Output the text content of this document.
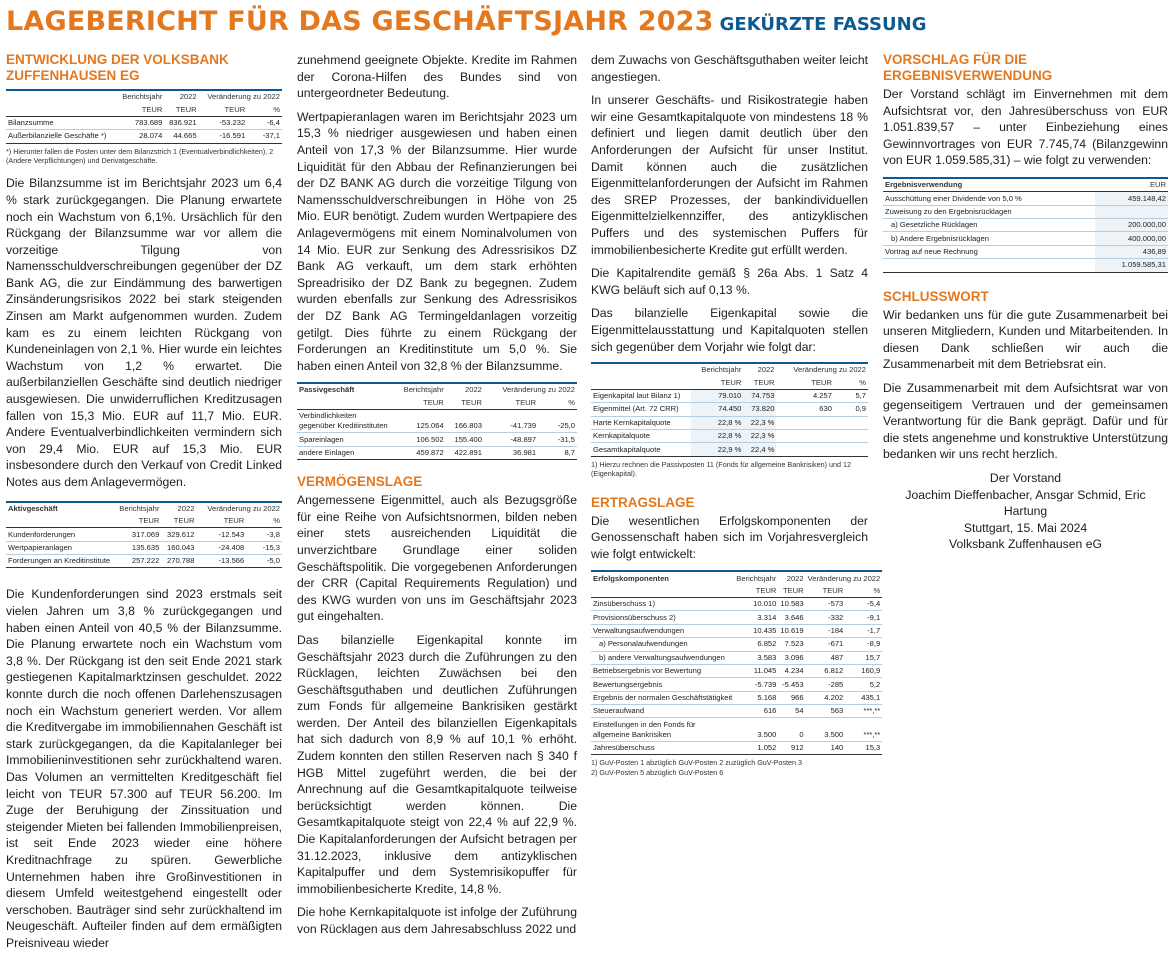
LAGEBERICHT FÜR DAS GESCHÄFTSJAHR 2023 GEKÜRZTE FASSUNG
ENTWICKLUNG DER VOLKSBANK ZUFFENHAUSEN EG
	Berichtsjahr	2022	Veränderung zu 2022	
	TEUR	TEUR	TEUR	%
Bilanzsumme	783.689	836.921	-53.232	-6,4
Außerbilanzielle Geschäfte *)	28.074	44.665	-16.591	-37,1
*) Hierunter fallen die Posten unter dem Bilanzstrich 1 (Eventualverbindlichkeiten), 2 (Andere Verpflichtungen) und Derivatgeschäfte.

Die Bilanzsumme ist im Berichtsjahr 2023 um 6,4 % stark zurückgegangen. Die Planung erwartete noch ein Wachstum von 6,1%. Ursächlich für den Rückgang der Bilanzsumme war vor allem die vorzeitige Tilgung von Namensschuldverschreibungen gegenüber der DZ Bank AG, die zur Eindämmung des barwertigen Zinsänderungsrisikos 2022 bei stark steigenden Zinsen am Markt aufgenommen wurden. Zudem kam es zu einem leichten Rückgang von Kundeneinlagen von 2,1 %. Hier wurde ein leichtes Wachstum von 1,2 % erwartet. Die außerbilanziellen Geschäfte sind deutlich niedriger ausgewiesen. Die unwiderruflichen Kreditzusagen fallen von 15,3 Mio. EUR auf 11,7 Mio. EUR. Andere Eventualverbindlichkeiten vermindern sich von 29,4 Mio. EUR auf 15,3 Mio. EUR insbesondere durch den Verkauf von Credit Linked Notes aus dem Anlagevermögen.

Aktivgeschäft	Berichtsjahr	2022	Veränderung zu 2022	
	TEUR	TEUR	TEUR	%
Kundenforderungen	317.069	329.612	-12.543	-3,8
Wertpapieranlagen	135.635	160.043	-24.408	-15,3
Forderungen an Kreditinstitute	257.222	270.788	-13.566	-5,0

Die Kundenforderungen sind 2023 erstmals seit vielen Jahren um 3,8 % zurückgegangen und haben einen Anteil von 40,5 % der Bilanzsumme. Die Planung erwartete noch ein Wachstum vom 3,8 %. Der Rückgang ist den seit Ende 2021 stark gestiegenen Kapitalmarktzinsen geschuldet. 2022 konnte durch die noch offenen Darlehenszusagen noch ein Wachstum generiert werden. Vor allem die Kreditvergabe im immobiliennahen Geschäft ist stark zurückgegangen, da die Kapitalanleger bei Immobilieninvestitionen sehr zurückhaltend waren. Das Volumen an vermittelten Kreditgeschäft fiel leicht von TEUR 57.300 auf TEUR 56.200. Im Zuge der Beruhigung der Zinssituation und steigender Mieten bei fallenden Immobilienpreisen, ist seit Ende 2023 wieder eine höhere Kreditnachfrage zu spüren. Gewerbliche Unternehmen haben ihre Großinvestitionen in diesem Umfeld weitestgehend eingestellt oder verschoben. Bauträger sind sehr zurückhaltend im Neugeschäft. Aufteiler finden auf dem ermäßigten Preisniveau wieder

zunehmend geeignete Objekte. Kredite im Rahmen der Corona-Hilfen des Bundes sind von untergeordneter Bedeutung.

Wertpapieranlagen waren im Berichtsjahr 2023 um 15,3 % niedriger ausgewiesen und haben einen Anteil von 17,3 % der Bilanzsumme. Hier wurde Liquidität für den Abbau der Refinanzierungen bei der DZ BANK AG durch die vorzeitige Tilgung von Namensschuldverschreibungen in Höhe von 25 Mio. EUR benötigt. Zudem wurden Wertpapiere des Anlagevermögens mit einem Nominalvolumen von 14 Mio. EUR zur Senkung des Adressrisikos DZ Bank AG verkauft, um dem stark erhöhten Spreadrisiko der DZ Bank zu begegnen. Zudem wurden ebenfalls zur Senkung des Adressrisikos der DZ Bank AG Termingeldanlagen vorzeitig getilgt. Dies führte zu einem Rückgang der Forderungen an Kreditinstitute um 5,0 %. Sie haben einen Anteil von 32,8 % der Bilanzsumme.

Passivgeschäft	Berichtsjahr	2022	Veränderung zu 2022	
	TEUR	TEUR	TEUR	%
Verbindlichkeiten gegenüber Kreditinstituten	125.064	166.803	-41.739	-25,0
Spareinlagen	106.502	155.400	-48.897	-31,5
andere Einlagen	459.872	422.891	36.981	8,7
VERMÖGENSLAGE

Angemessene Eigenmittel, auch als Bezugsgröße für eine Reihe von Aufsichtsnormen, bilden neben einer stets ausreichenden Liquidität die unverzichtbare Grundlage einer soliden Geschäftspolitik. Die vorgegebenen Anforderungen der CRR (Capital Requirements Regulation) und des KWG wurden von uns im Geschäftsjahr 2023 gut eingehalten.

Das bilanzielle Eigenkapital konnte im Geschäftsjahr 2023 durch die Zuführungen zu den Rücklagen, leichten Zuwächsen bei den Geschäftsguthaben und deutlichen Zuführungen zum Fonds für allgemeine Bankrisiken gestärkt werden. Der Anteil des bilanziellen Eigenkapitals hat sich dadurch von 8,9 % auf 10,1 % erhöht. Zudem konnten den stillen Reserven nach § 340 f HGB Mittel zugeführt werden, die bei der Anrechnung auf die Gesamtkapitalquote teilweise berücksichtigt werden können. Die Gesamtkapitalquote steigt von 22,4 % auf 22,9 %. Die Kapitalanforderungen der Aufsicht betragen per 31.12.2023, inklusive dem antizyklischen Kapitalpuffer und dem Systemrisikopuffer für immobilienbesicherte Kredite, 14,8 %.

Die hohe Kernkapitalquote ist infolge der Zuführung von Rücklagen aus dem Jahresabschluss 2022 und

dem Zuwachs von Geschäftsguthaben weiter leicht angestiegen.

In unserer Geschäfts- und Risikostrategie haben wir eine Gesamtkapitalquote von mindestens 18 % definiert und liegen damit deutlich über den Anforderungen der Aufsicht für unser Institut. Damit können auch die zusätzlichen Eigenmittelanforderungen der Aufsicht im Rahmen des SREP Prozesses, der bankindividuellen Eigenmittelzielkennziffer, des antizyklischen Puffers und des systemischen Puffers für immobilienbesicherte Kredite gut erfüllt werden.

Die Kapitalrendite gemäß § 26a Abs. 1 Satz 4 KWG beläuft sich auf 0,13 %.

Das bilanzielle Eigenkapital sowie die Eigenmittelausstattung und Kapitalquoten stellen sich gegenüber dem Vorjahr wie folgt dar:

	Berichtsjahr	2022	Veränderung zu 2022	
	TEUR	TEUR	TEUR	%
Eigenkapital laut Bilanz 1)	79.010	74.753	4.257	5,7
Eigenmittel (Art. 72 CRR)	74.450	73.820	630	0,9
Harte Kernkapitalquote	22,8 %	22,3 %		
Kernkapitalquote	22,8 %	22,3 %		
Gesamtkapitalquote	22,9 %	22,4 %		
1) Hierzu rechnen die Passivposten 11 (Fonds für allgemeine Bankrisiken) und 12 (Eigenkapital).
ERTRAGSLAGE

Die wesentlichen Erfolgskomponenten der Genossenschaft haben sich im Vorjahresvergleich wie folgt entwickelt:

Erfolgskomponenten	Berichtsjahr	2022	Veränderung zu 2022	
	TEUR	TEUR	TEUR	%
Zinsüberschuss 1)	10.010	10.583	-573	-5,4
Provisionsüberschuss 2)	3.314	3.646	-332	-9,1
Verwaltungsaufwendungen	10.435	10.619	-184	-1,7
a) Personalaufwendungen	6.852	7.523	-671	-8,9
b) andere Verwaltungsaufwendungen	3.583	3.096	487	15,7
Betriebsergebnis vor Bewertung	11.045	4.234	6.812	160,9
Bewertungsergebnis	-5.739	-5.453	-285	5,2
Ergebnis der normalen Geschäftstätigkeit	5.168	966	4.202	435,1
Steueraufwand	616	54	563	***,**
Einstellungen in den Fonds für allgemeine Bankrisiken	3.500	0	3.500	***,**
Jahresüberschuss	1.052	912	140	15,3
1) GuV-Posten 1 abzüglich GuV-Posten 2 zuzüglich GuV-Posten 3
2) GuV-Posten 5 abzüglich GuV-Posten 6
VORSCHLAG FÜR DIE ERGEBNISVERWENDUNG

Der Vorstand schlägt im Einvernehmen mit dem Aufsichtsrat vor, den Jahresüberschuss von EUR 1.051.839,57 – unter Einbeziehung eines Gewinnvortrages von EUR 7.745,74 (Bilanzgewinn von EUR 1.059.585,31) – wie folgt zu verwenden:

Ergebnisverwendung	EUR
Ausschüttung einer Dividende von 5,0 %	459.148,42
Zuweisung zu den Ergebnisrücklagen	
a) Gesetzliche Rücklagen	200.000,00
b) Andere Ergebnisrücklagen	400.000,00
Vortrag auf neue Rechnung	436,89
	1.059.585,31
SCHLUSSWORT

Wir bedanken uns für die gute Zusammenarbeit bei unseren Mitgliedern, Kunden und Mitarbeitenden. In diesen Dank schließen wir auch die Zusammenarbeit mit dem Betriebsrat ein.

Die Zusammenarbeit mit dem Aufsichtsrat war von gegenseitigem Vertrauen und der gemeinsamen Verantwortung für die Bank geprägt. Dafür und für die stets angenehme und konstruktive Unterstützung bedanken wir uns recht herzlich.

Der Vorstand
Joachim Dieffenbacher, Ansgar Schmid, Eric Hartung
Stuttgart, 15. Mai 2024
Volksbank Zuffenhausen eG
